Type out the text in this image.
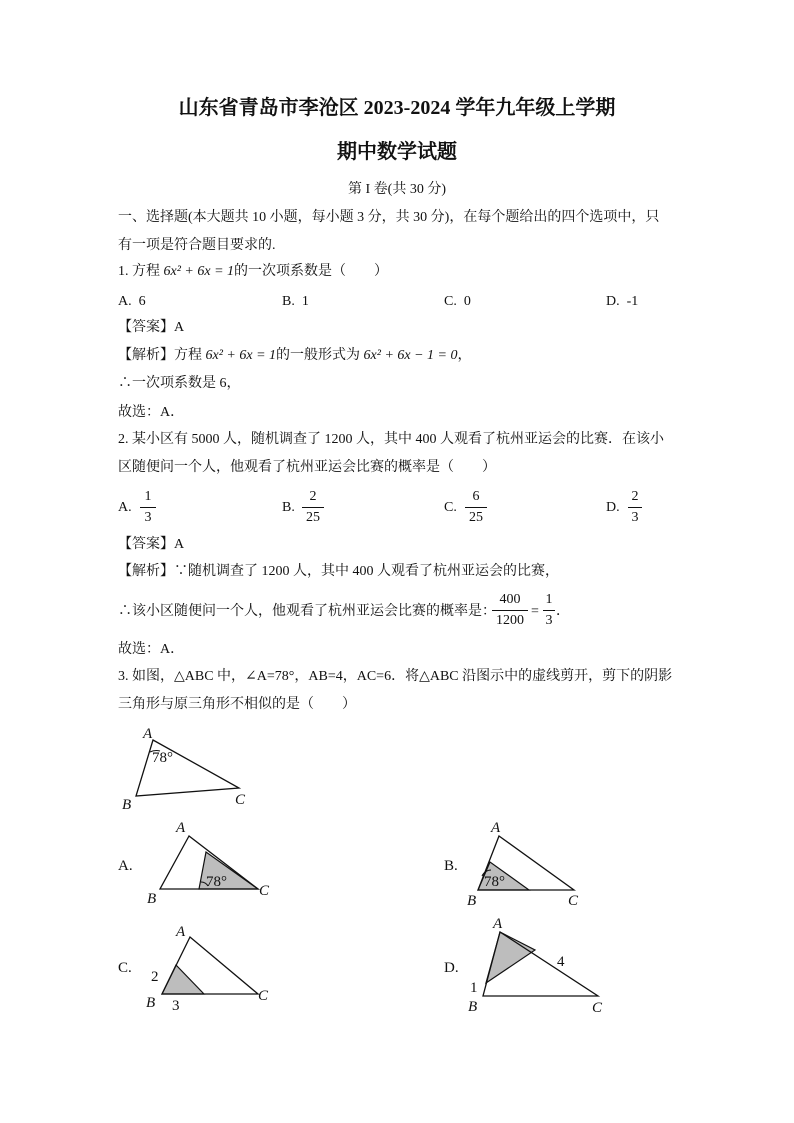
山东省青岛市李沧区 2023-2024 学年九年级上学期
期中数学试题
第 I 卷(共 30 分)
一、选择题(本大题共 10 小题，每小题 3 分，共 30 分)，在每个题给出的四个选项中，只
有一项是符合题目要求的.
1. 方程 6x² + 6x = 1的一次项系数是（　　）
A. 6	B. 1	C. 0	D. -1
【答案】A
【解析】方程 6x² + 6x = 1的一般形式为 6x² + 6x − 1 = 0，
∴一次项系数是 6，
故选：A．
2. 某小区有 5000 人，随机调查了 1200 人，其中 400 人观看了杭州亚运会的比赛．在该小
区随便问一个人，他观看了杭州亚运会比赛的概率是（　　）
A.
1
3
B.
2
25
C.
6
25
D.
2
3
【答案】A
【解析】∵随机调查了 1200 人，其中 400 人观看了杭州亚运会的比赛，
∴该小区随便问一个人，他观看了杭州亚运会比赛的概率是：
400
1200
=
1
3
．
故选：A．
3. 如图，△ABC 中，∠A=78°，AB=4，AC=6．将△ABC 沿图示中的虚线剪开，剪下的阴影
三角形与原三角形不相似的是（　　）
A
78°
B	C
A.
A
78°
B	C
B.
A
78°
B	C
C.
A
2
B 3
C
D.
A
1
4
B	C
